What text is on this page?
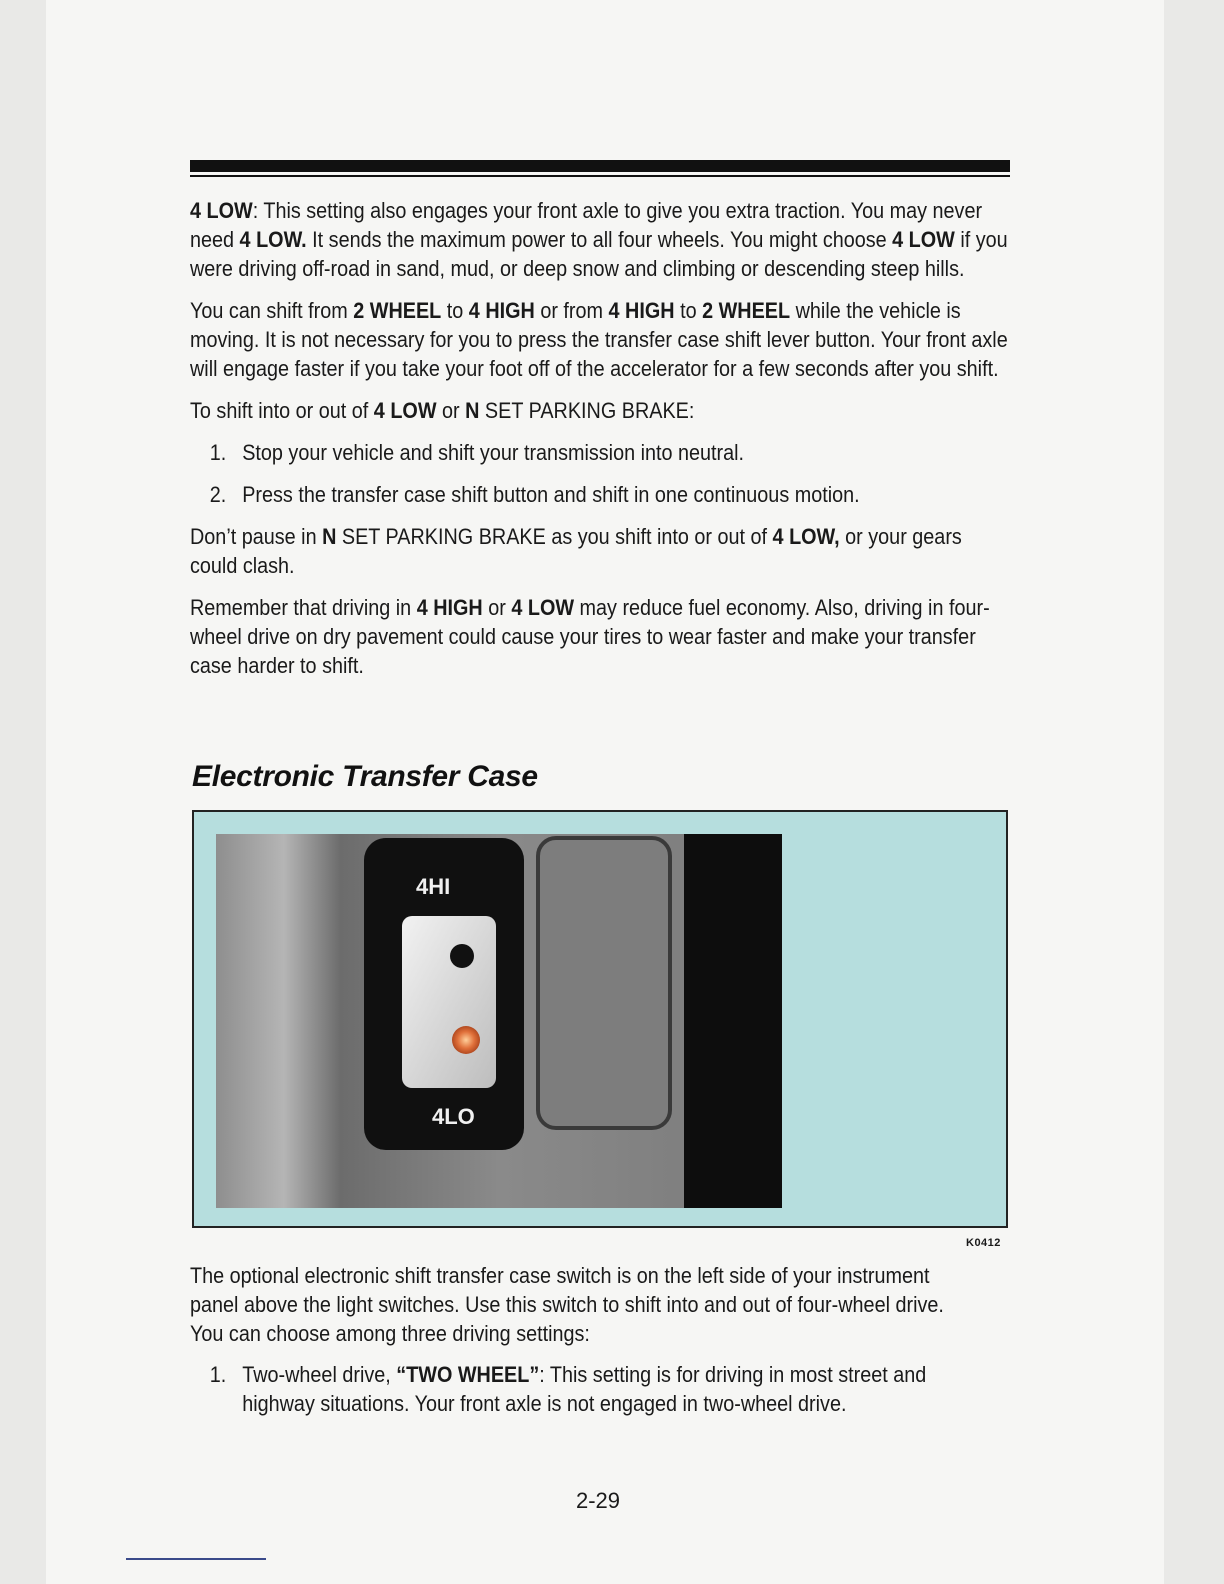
4 LOW: This setting also engages your front axle to give you extra traction. You may never need 4 LOW. It sends the maximum power to all four wheels. You might choose 4 LOW if you were driving off-road in sand, mud, or deep snow and climbing or descending steep hills.

You can shift from 2 WHEEL to 4 HIGH or from 4 HIGH to 2 WHEEL while the vehicle is moving. It is not necessary for you to press the transfer case shift lever button. Your front axle will engage faster if you take your foot off of the accelerator for a few seconds after you shift.

To shift into or out of 4 LOW or N SET PARKING BRAKE:

1. Stop your vehicle and shift your transmission into neutral.
2. Press the transfer case shift button and shift in one continuous motion.

Don’t pause in N SET PARKING BRAKE as you shift into or out of 4 LOW, or your gears could clash.

Remember that driving in 4 HIGH or 4 LOW may reduce fuel economy. Also, driving in four-wheel drive on dry pavement could cause your tires to wear faster and make your transfer case harder to shift.

Electronic Transfer Case
4HI
4LO
K0412

The optional electronic shift transfer case switch is on the left side of your instrument panel above the light switches. Use this switch to shift into and out of four-wheel drive. You can choose among three driving settings:

1. Two-wheel drive, “TWO WHEEL”: This setting is for driving in most street and highway situations. Your front axle is not engaged in two-wheel drive.
2-29
